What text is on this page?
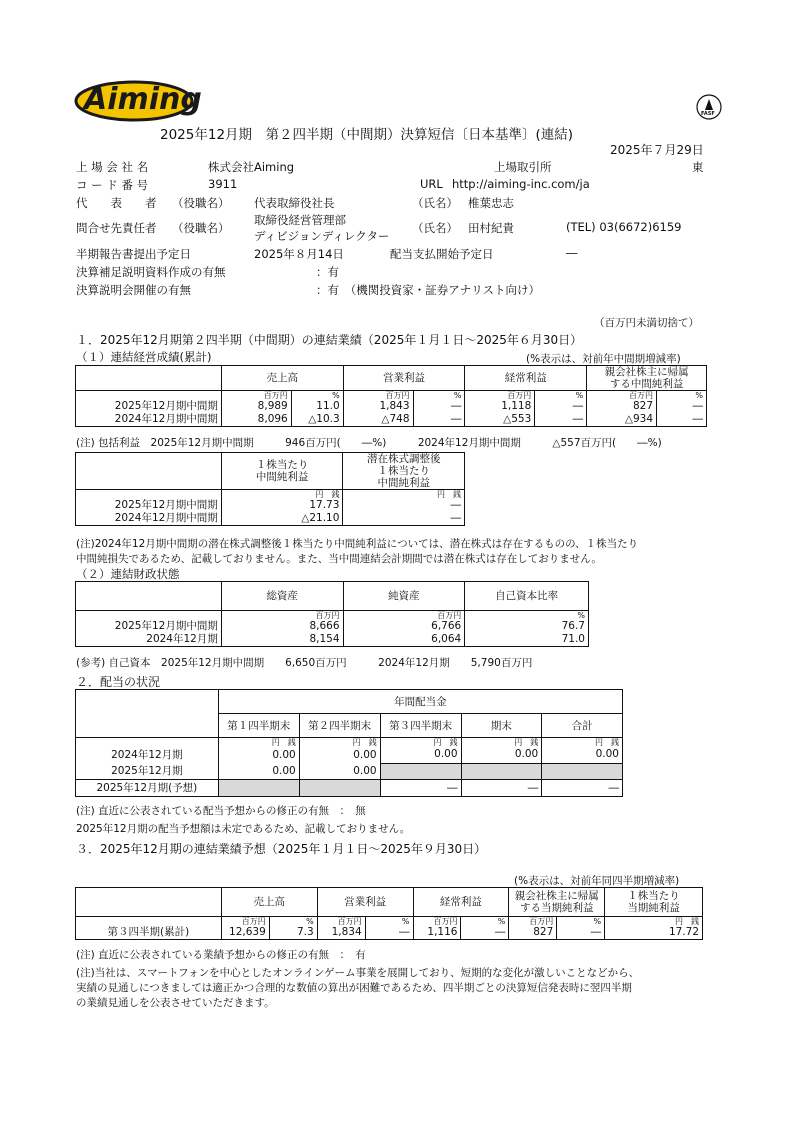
Aiming	FASF
2025年12月期　第２四半期（中間期）決算短信〔日本基準〕(連結)
2025年７月29日
上 場 会 社 名	株式会社Aiming	上場取引所	東
コ ー ド 番 号	3911	URL http://aiming-inc.com/ja
代　　表　　者 （役職名） 代表取締役社長	（氏名） 椎葉忠志
問合せ先責任者 （役職名）
取締役経営管理部
ディビジョンディレクター
（氏名） 田村紀貴	(TEL) 03(6672)6159
半期報告書提出予定日	2025年８月14日	配当支払開始予定日	―
決算補足説明資料作成の有無	：有
決算説明会開催の有無	：有　（機関投資家・証券アナリスト向け）
（百万円未満切捨て）
１．2025年12月期第２四半期（中間期）の連結業績（2025年１月１日～2025年６月30日）
（１）連結経営成績(累計)	(%表示は、対前年中間期増減率)
	売上高		営業利益		経常利益		親会社株主に帰属
する中間純利益	
	百万円	%	百万円	%	百万円	%	百万円	%
2025年12月期中間期	8,989	11.0	1,843	―	1,118	―	827	―
2024年12月期中間期	8,096	△10.3	△748	―	△553	―	△934	―
(注) 包括利益　2025年12月期中間期　　　946百万円(　　―%)　　　2024年12月期中間期　　　△557百万円(　　―%)
	１株当たり
中間純利益	潜在株式調整後
１株当たり
中間純利益
	円　銭	円　銭
2025年12月期中間期	17.73	―
2024年12月期中間期	△21.10	―
(注)2024年12月期中間期の潜在株式調整後１株当たり中間純利益については、潜在株式は存在するものの、１株当たり
中間純損失であるため、記載しておりません。また、当中間連結会計期間では潜在株式は存在しておりません。
（２）連結財政状態
	総資産	純資産	自己資本比率
	百万円	百万円	%
2025年12月期中間期	8,666	6,766	76.7
2024年12月期	8,154	6,064	71.0
(参考) 自己資本　2025年12月期中間期　　6,650百万円　　　2024年12月期　　5,790百万円
２．配当の状況
	年間配当金				
	第１四半期末	第２四半期末	第３四半期末	期末	合計
	円　銭	円　銭	円　銭	円　銭	円　銭
2024年12月期	0.00	0.00	0.00	0.00	0.00
2025年12月期	0.00	0.00			
2025年12月期(予想)			―	―	―
(注) 直近に公表されている配当予想からの修正の有無　：　無
2025年12月期の配当予想額は未定であるため、記載しておりません。
３．2025年12月期の連結業績予想（2025年１月１日～2025年９月30日）
(%表示は、対前年同四半期増減率)
	売上高		営業利益		経常利益		親会社株主に帰属
する当期純利益		１株当たり
当期純利益
	百万円	%	百万円	%	百万円	%	百万円	%	円　銭
第３四半期(累計)	12,639	7.3	1,834	―	1,116	―	827	―	17.72
(注) 直近に公表されている業績予想からの修正の有無　：　有
(注)当社は、スマートフォンを中心としたオンラインゲーム事業を展開しており、短期的な変化が激しいことなどから、
実績の見通しにつきましては適正かつ合理的な数値の算出が困難であるため、四半期ごとの決算短信発表時に翌四半期
の業績見通しを公表させていただきます。
